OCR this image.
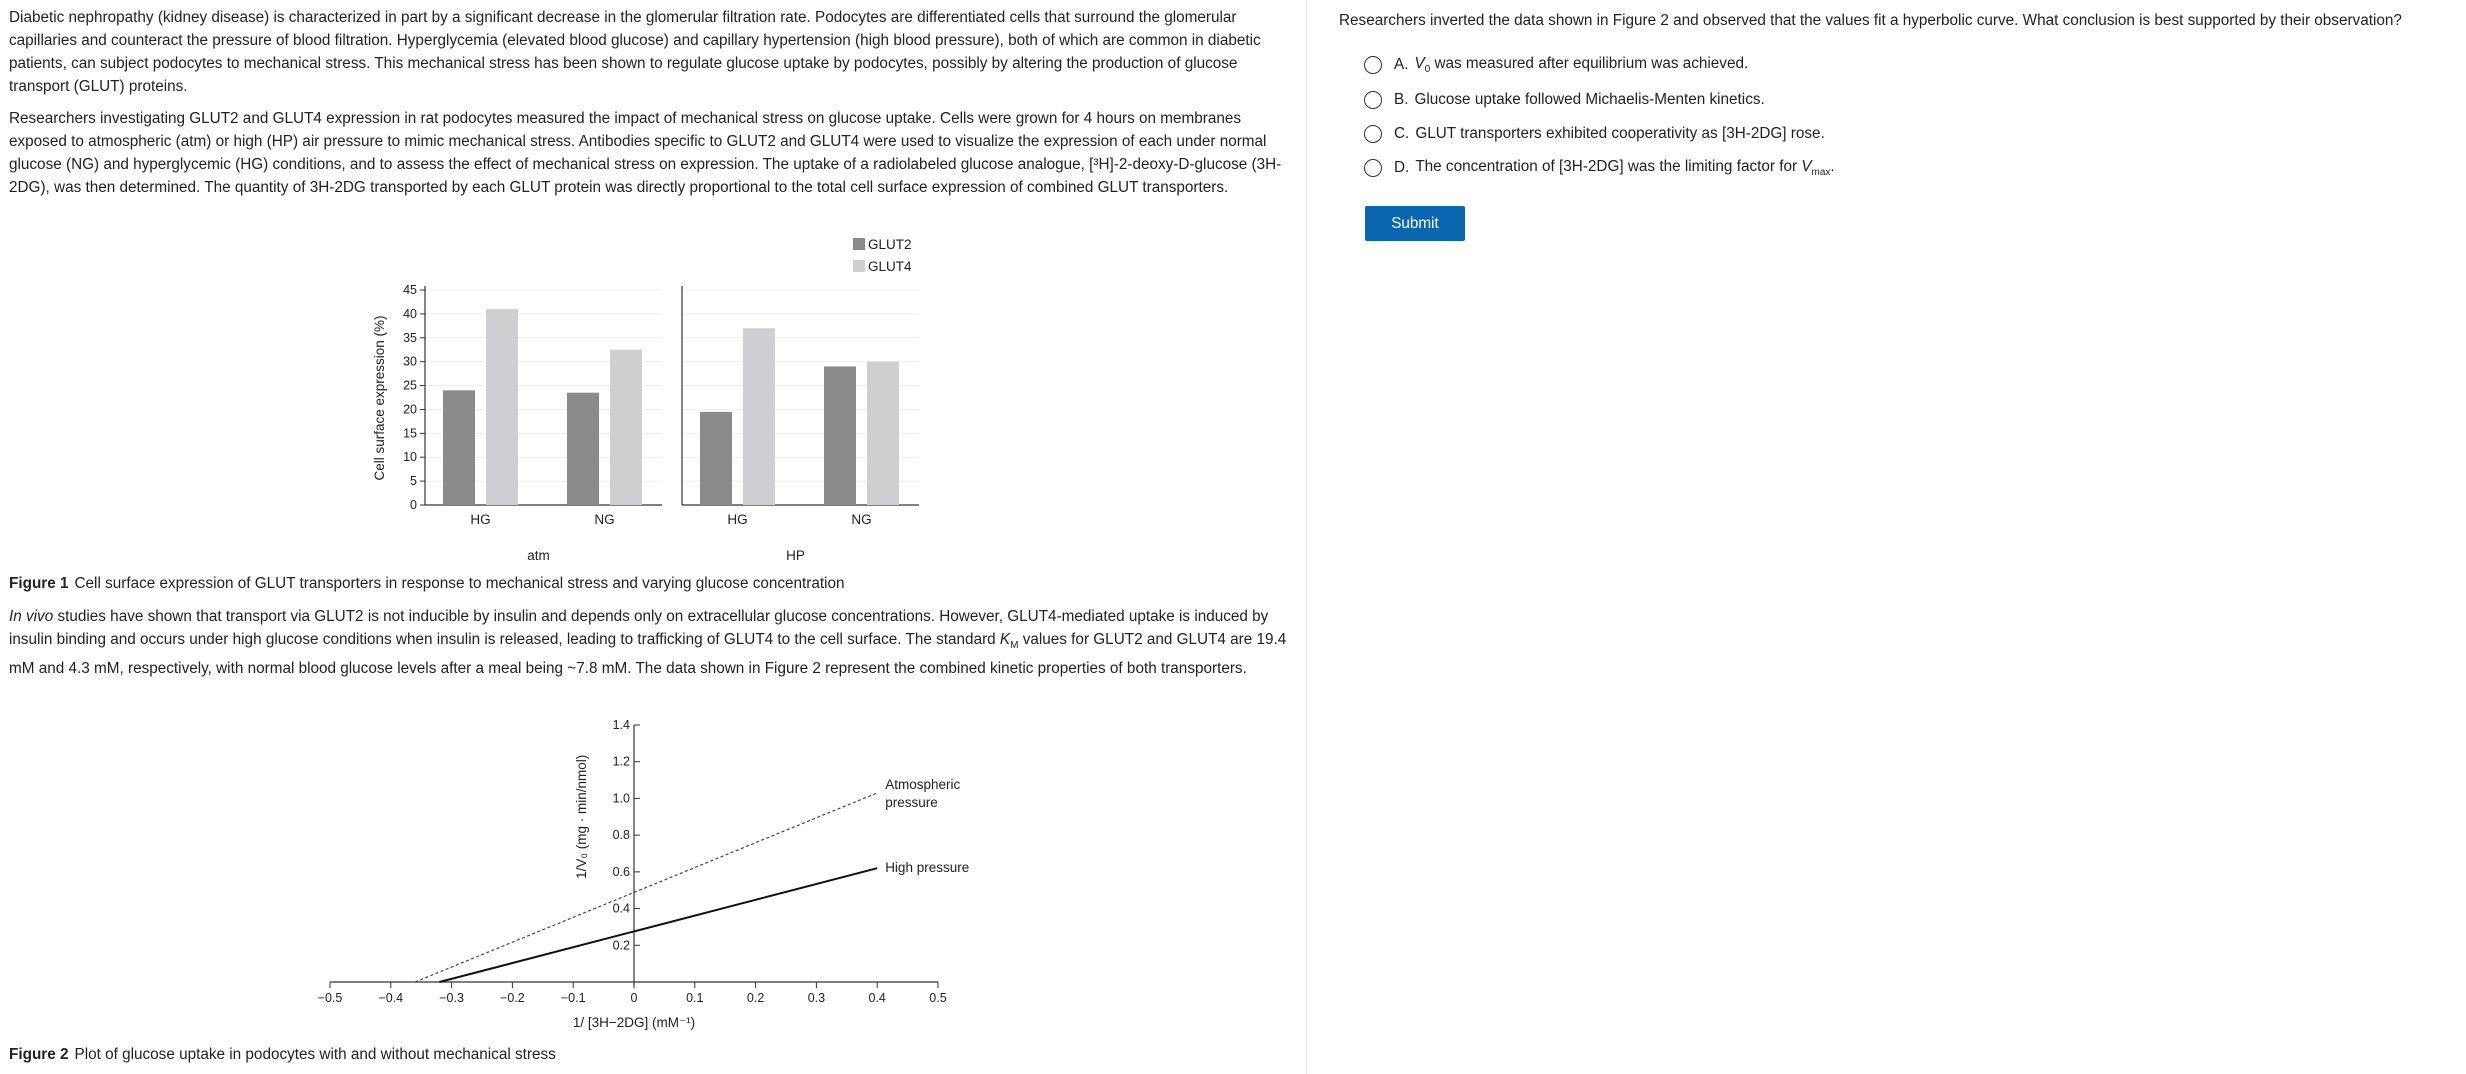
Diabetic nephropathy (kidney disease) is characterized in part by a significant decrease in the glomerular filtration rate. Podocytes are differentiated cells that surround the glomerular capillaries and counteract the pressure of blood filtration. Hyperglycemia (elevated blood glucose) and capillary hypertension (high blood pressure), both of which are common in diabetic patients, can subject podocytes to mechanical stress. This mechanical stress has been shown to regulate glucose uptake by podocytes, possibly by altering the production of glucose transport (GLUT) proteins.

Researchers investigating GLUT2 and GLUT4 expression in rat podocytes measured the impact of mechanical stress on glucose uptake. Cells were grown for 4 hours on membranes exposed to atmospheric (atm) or high (HP) air pressure to mimic mechanical stress. Antibodies specific to GLUT2 and GLUT4 were used to visualize the expression of each under normal glucose (NG) and hyperglycemic (HG) conditions, and to assess the effect of mechanical stress on expression. The uptake of a radiolabeled glucose analogue, [³H]-2-deoxy-D-glucose (3H-2DG), was then determined. The quantity of 3H-2DG transported by each GLUT protein was directly proportional to the total cell surface expression of combined GLUT transporters.

0
5
10
15
20
25
30
35
40
45
HG	NG
atm
HG	NG
HP
Cell surface expression (%)
GLUT2
GLUT4
Figure 1 Cell surface expression of GLUT transporters in response to mechanical stress and varying glucose concentration

In vivo studies have shown that transport via GLUT2 is not inducible by insulin and depends only on extracellular glucose concentrations. However, GLUT4-mediated uptake is induced by insulin binding and occurs under high glucose conditions when insulin is released, leading to trafficking of GLUT4 to the cell surface. The standard $K_M$ values for GLUT2 and GLUT4 are 19.4 mM and 4.3 mM, respectively, with normal blood glucose levels after a meal being ~7.8 mM. The data shown in Figure 2 represent the combined kinetic properties of both transporters.

−0.5	−0.4	−0.3	−0.2	−0.1	0	0.1	0.2	0.3	0.4	0.5
0.2
0.4
0.6
0.8
1.0
1.2
1.4
Atmospheric
pressure
High pressure
1/ [3H−2DG] (mM⁻¹)
1/V₀ (mg · min/nmol)
Figure 2 Plot of glucose uptake in podocytes with and without mechanical stress
Researchers inverted the data shown in Figure 2 and observed that the values fit a hyperbolic curve. What conclusion is best supported by their observation?
A. $V_0$ was measured after equilibrium was achieved.
B. Glucose uptake followed Michaelis-Menten kinetics.
C. GLUT transporters exhibited cooperativity as [3H-2DG] rose.
D. The concentration of [3H-2DG] was the limiting factor for $V_{max}$.
Submit
